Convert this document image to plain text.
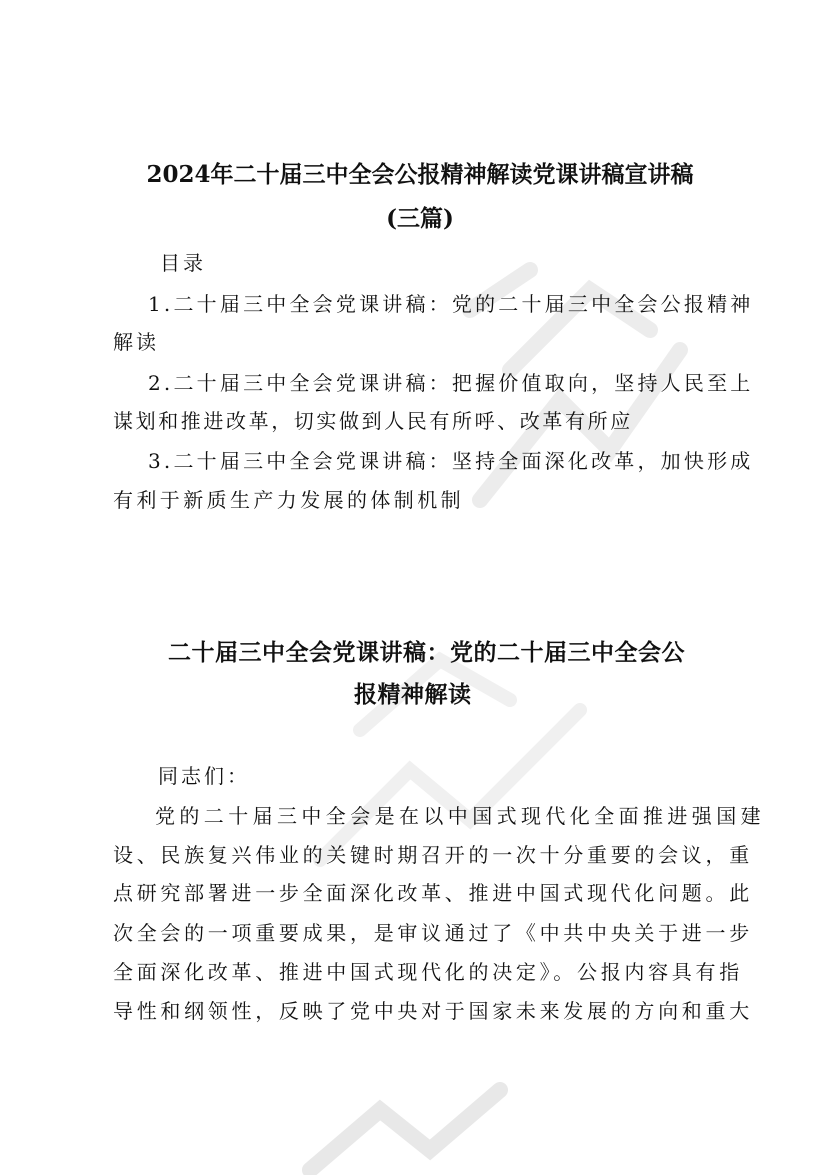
2024年二十届三中全会公报精神解读党课讲稿宣讲稿
(三篇)
目录
1.二十届三中全会党课讲稿：党的二十届三中全会公报精神
解读
2.二十届三中全会党课讲稿：把握价值取向，坚持人民至上
谋划和推进改革，切实做到人民有所呼、改革有所应
3.二十届三中全会党课讲稿：坚持全面深化改革，加快形成
有利于新质生产力发展的体制机制
二十届三中全会党课讲稿：党的二十届三中全会公
报精神解读
同志们：
党的二十届三中全会是在以中国式现代化全面推进强国建
设、民族复兴伟业的关键时期召开的一次十分重要的会议，重
点研究部署进一步全面深化改革、推进中国式现代化问题。此
次全会的一项重要成果，是审议通过了《中共中央关于进一步
全面深化改革、推进中国式现代化的决定》。公报内容具有指
导性和纲领性，反映了党中央对于国家未来发展的方向和重大
